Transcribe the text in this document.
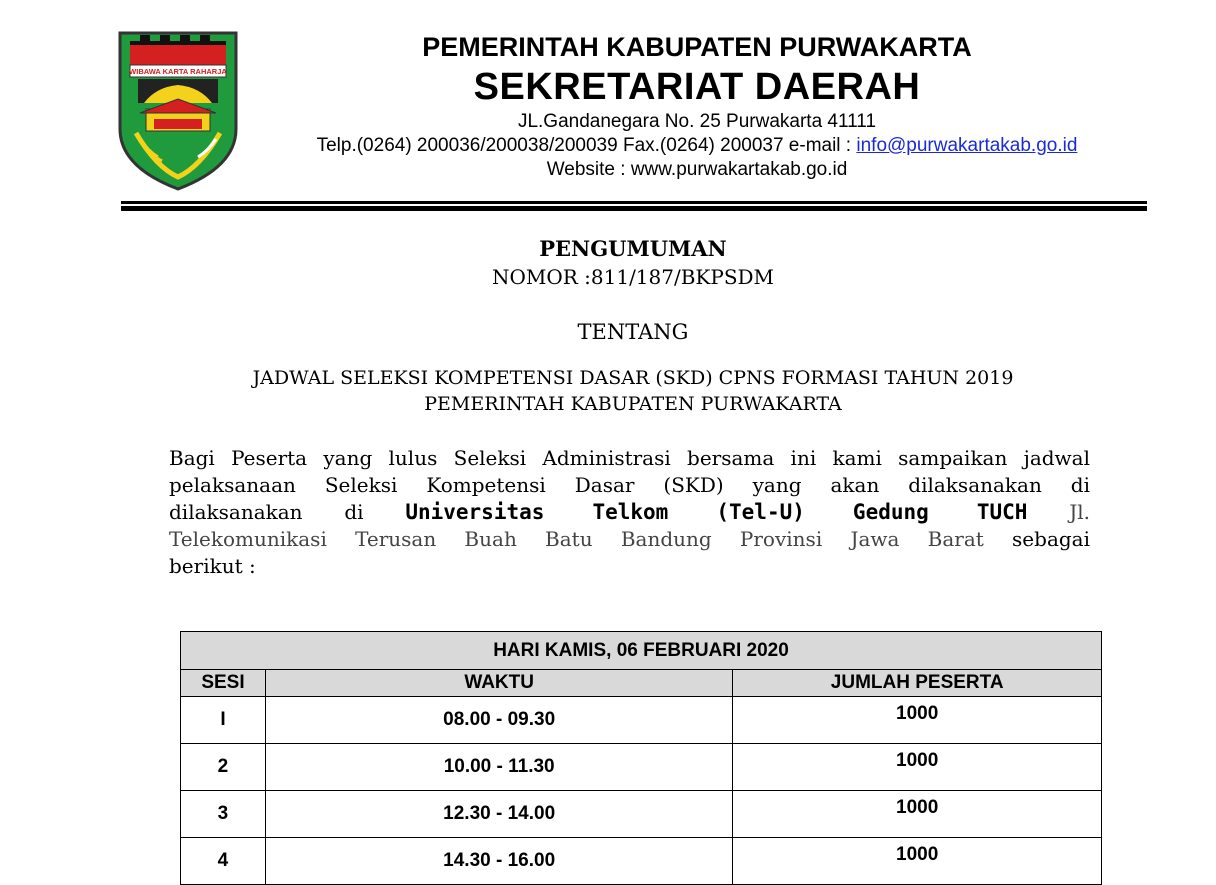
WIBAWA KARTA RAHARJA
PEMERINTAH KABUPATEN PURWAKARTA
SEKRETARIAT DAERAH
JL.Gandanegara No. 25 Purwakarta 41111
Telp.(0264) 200036/200038/200039 Fax.(0264) 200037 e-mail : info@purwakartakab.go.id
Website : www.purwakartakab.go.id
PENGUMUMAN
NOMOR :811/187/BKPSDM
TENTANG
JADWAL SELEKSI KOMPETENSI DASAR (SKD) CPNS FORMASI TAHUN 2019
PEMERINTAH KABUPATEN PURWAKARTA
Bagi Peserta yang lulus Seleksi Administrasi bersama ini kami sampaikan jadwal
pelaksanaan Seleksi Kompetensi Dasar (SKD) yang akan dilaksanakan di
dilaksanakan di Universitas Telkom (Tel-U) Gedung TUCH Jl.
Telekomunikasi Terusan Buah Batu Bandung Provinsi Jawa Barat sebagai
berikut :
HARI KAMIS, 06 FEBRUARI 2020		
SESI	WAKTU	JUMLAH PESERTA
I	08.00 - 09.30	1000
2	10.00 - 11.30	1000
3	12.30 - 14.00	1000
4	14.30 - 16.00	1000
